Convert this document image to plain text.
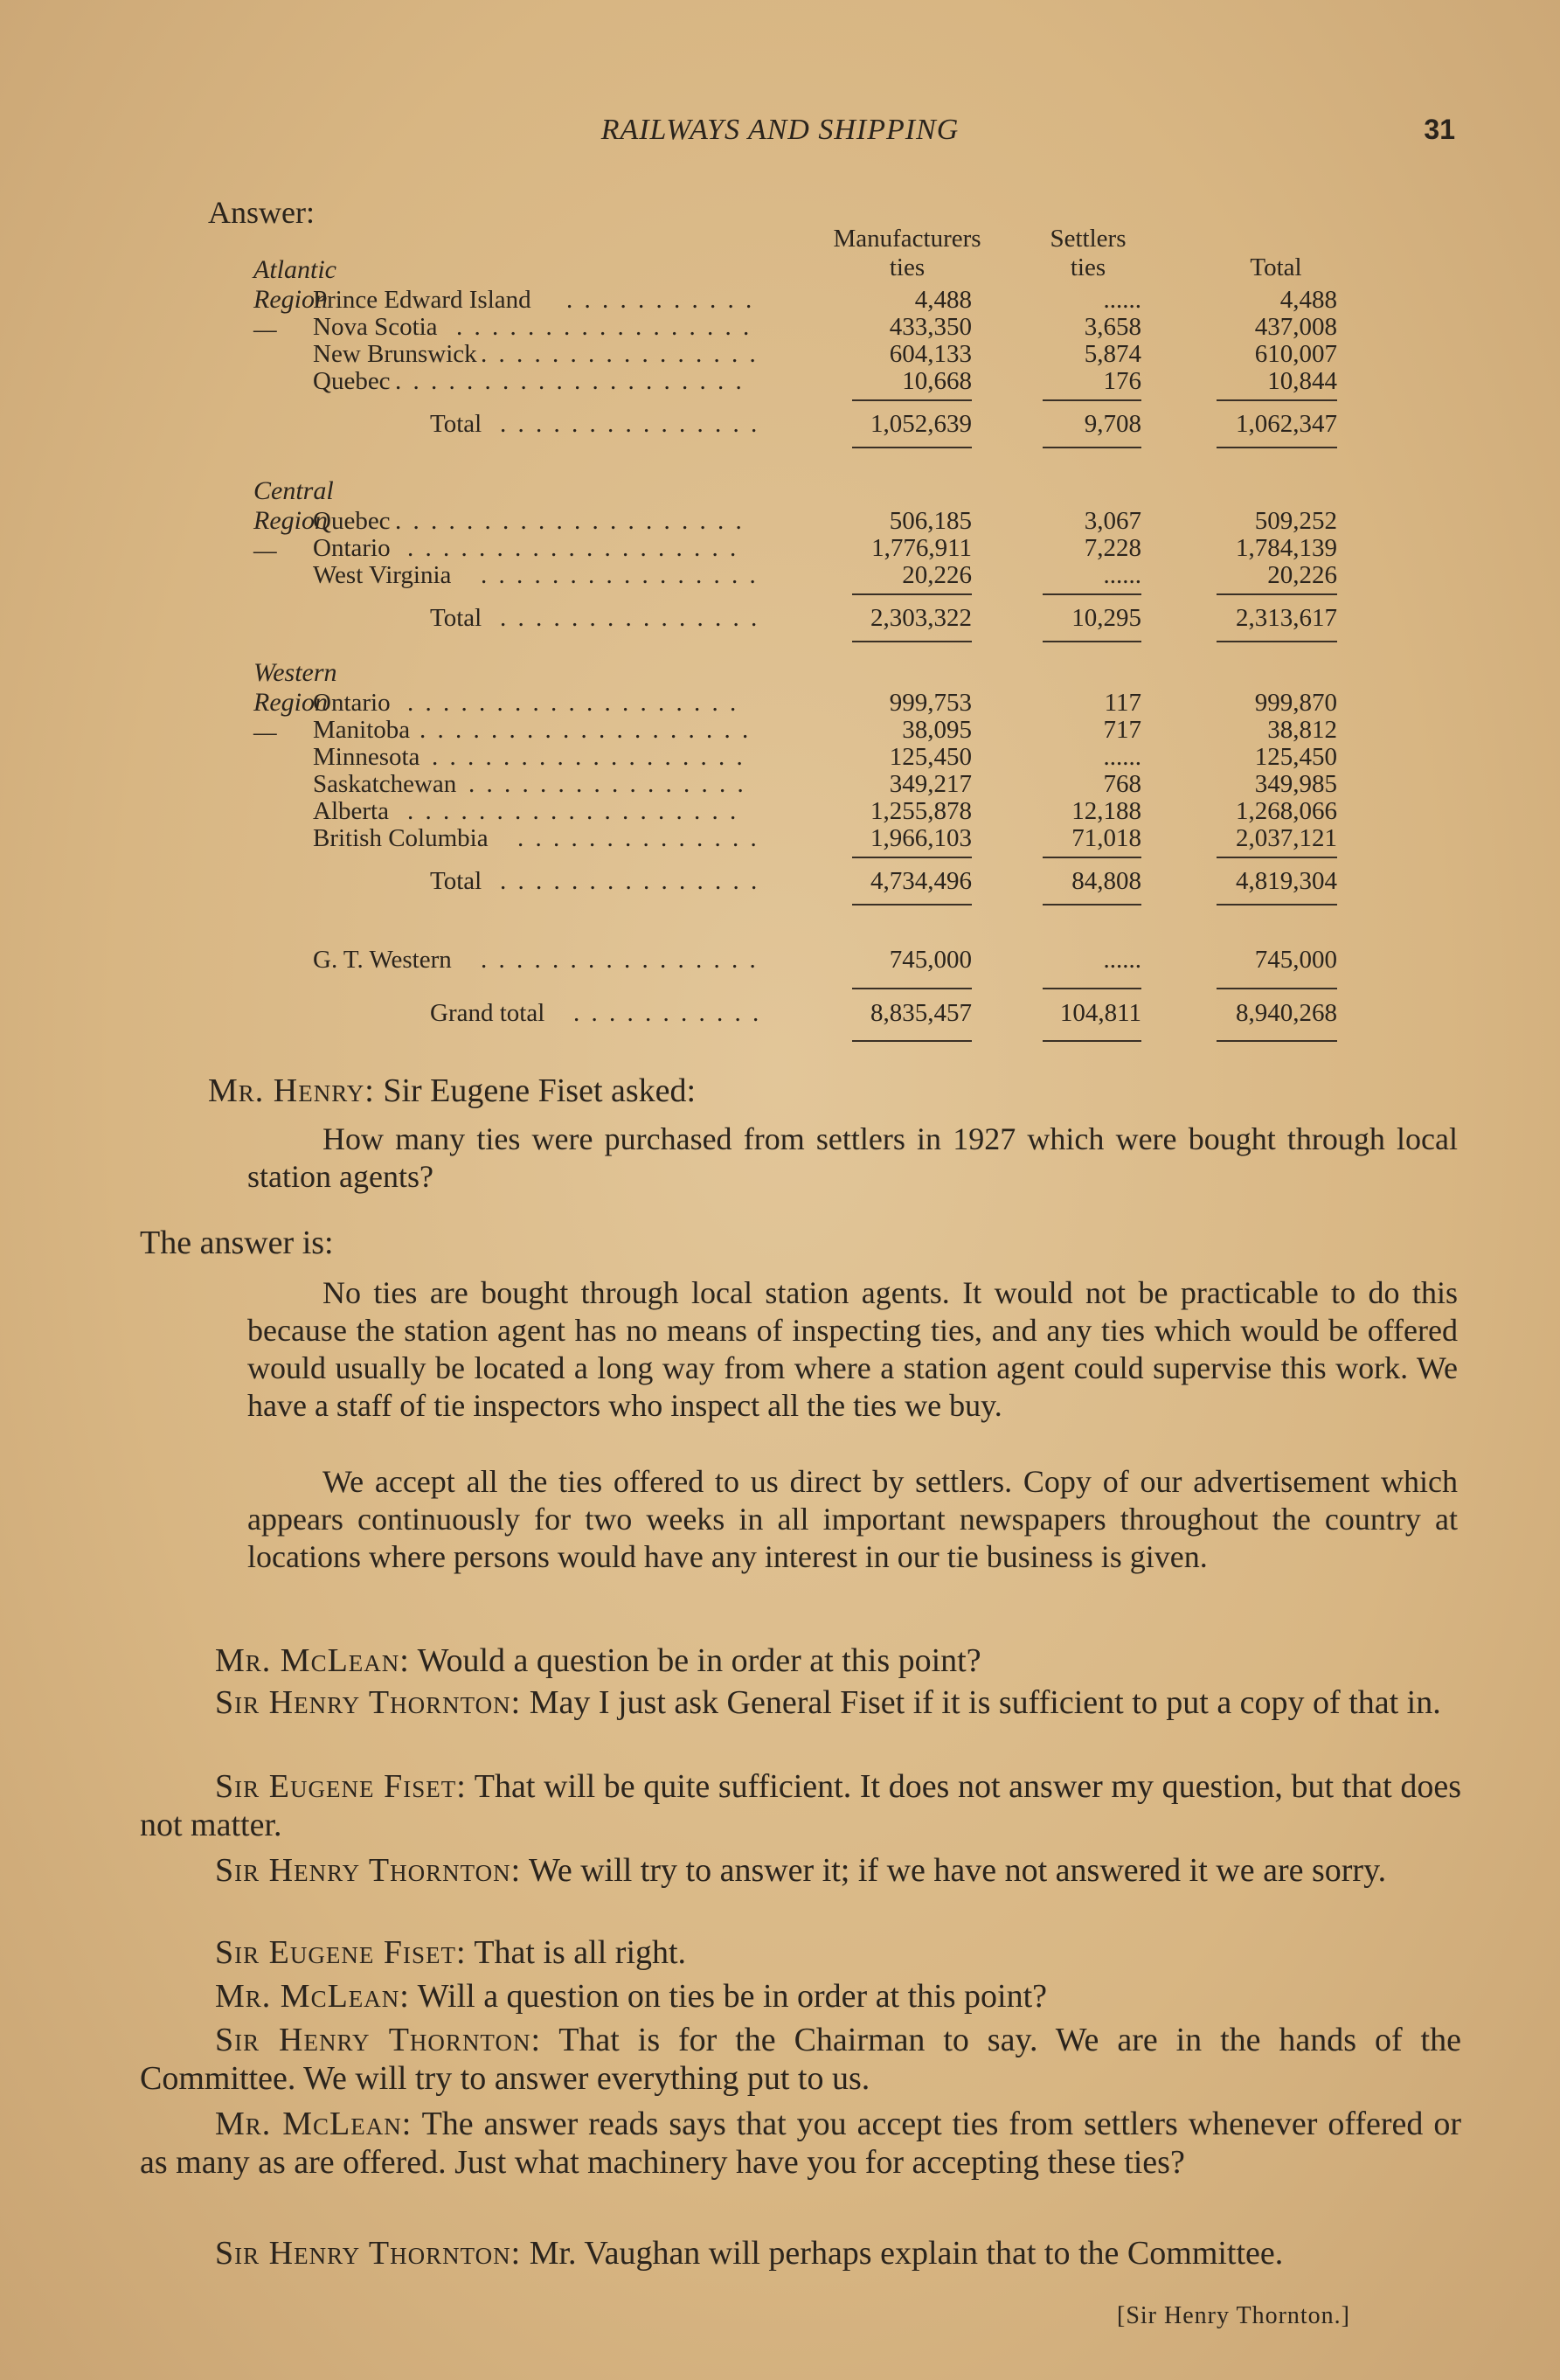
RAILWAYS AND SHIPPING	31
Answer:
Manufacturers
ties
Settlers
ties	Total
Atlantic Region—
Prince Edward Island . . . . . . . . . . .	4,488	......	4,488
Nova Scotia . . . . . . . . . . . . . . . . .	433,350	3,658	437,008
New Brunswick . . . . . . . . . . . . . . . .	604,133	5,874	610,007
Quebec . . . . . . . . . . . . . . . . . . . .	10,668	176	10,844
Total . . . . . . . . . . . . . . .	1,052,639	9,708	1,062,347
Central Region—
Quebec . . . . . . . . . . . . . . . . . . . .	506,185	3,067	509,252
Ontario . . . . . . . . . . . . . . . . . . .	1,776,911	7,228	1,784,139
West Virginia . . . . . . . . . . . . . . . .	20,226	......	20,226
Total . . . . . . . . . . . . . . .	2,303,322	10,295	2,313,617
Western Region—
Ontario . . . . . . . . . . . . . . . . . . .	999,753	117	999,870
Manitoba . . . . . . . . . . . . . . . . . . .	38,095	717	38,812
Minnesota . . . . . . . . . . . . . . . . . .	125,450	......	125,450
Saskatchewan . . . . . . . . . . . . . . . .	349,217	768	349,985
Alberta . . . . . . . . . . . . . . . . . . .	1,255,878	12,188	1,268,066
British Columbia . . . . . . . . . . . . . .	1,966,103	71,018	2,037,121
Total . . . . . . . . . . . . . . .	4,734,496	84,808	4,819,304
G. T. Western . . . . . . . . . . . . . . . .	745,000	......	745,000
Grand total . . . . . . . . . . .	8,835,457	104,811	8,940,268
Mr. Henry: Sir Eugene Fiset asked:
How many ties were purchased from settlers in 1927 which were bought through local station agents?
The answer is:
No ties are bought through local station agents. It would not be practicable to do this because the station agent has no means of inspecting ties, and any ties which would be offered would usually be located a long way from where a station agent could supervise this work. We have a staff of tie inspectors who inspect all the ties we buy.
We accept all the ties offered to us direct by settlers. Copy of our advertisement which appears continuously for two weeks in all important newspapers throughout the country at locations where persons would have any interest in our tie business is given.
Mr. McLean: Would a question be in order at this point?
Sir Henry Thornton: May I just ask General Fiset if it is sufficient to put a copy of that in.
Sir Eugene Fiset: That will be quite sufficient. It does not answer my question, but that does not matter.
Sir Henry Thornton: We will try to answer it; if we have not answered it we are sorry.
Sir Eugene Fiset: That is all right.
Mr. McLean: Will a question on ties be in order at this point?
Sir Henry Thornton: That is for the Chairman to say. We are in the hands of the Committee. We will try to answer everything put to us.
Mr. McLean: The answer reads says that you accept ties from settlers whenever offered or as many as are offered. Just what machinery have you for accepting these ties?
Sir Henry Thornton: Mr. Vaughan will perhaps explain that to the Committee.
[Sir Henry Thornton.]
